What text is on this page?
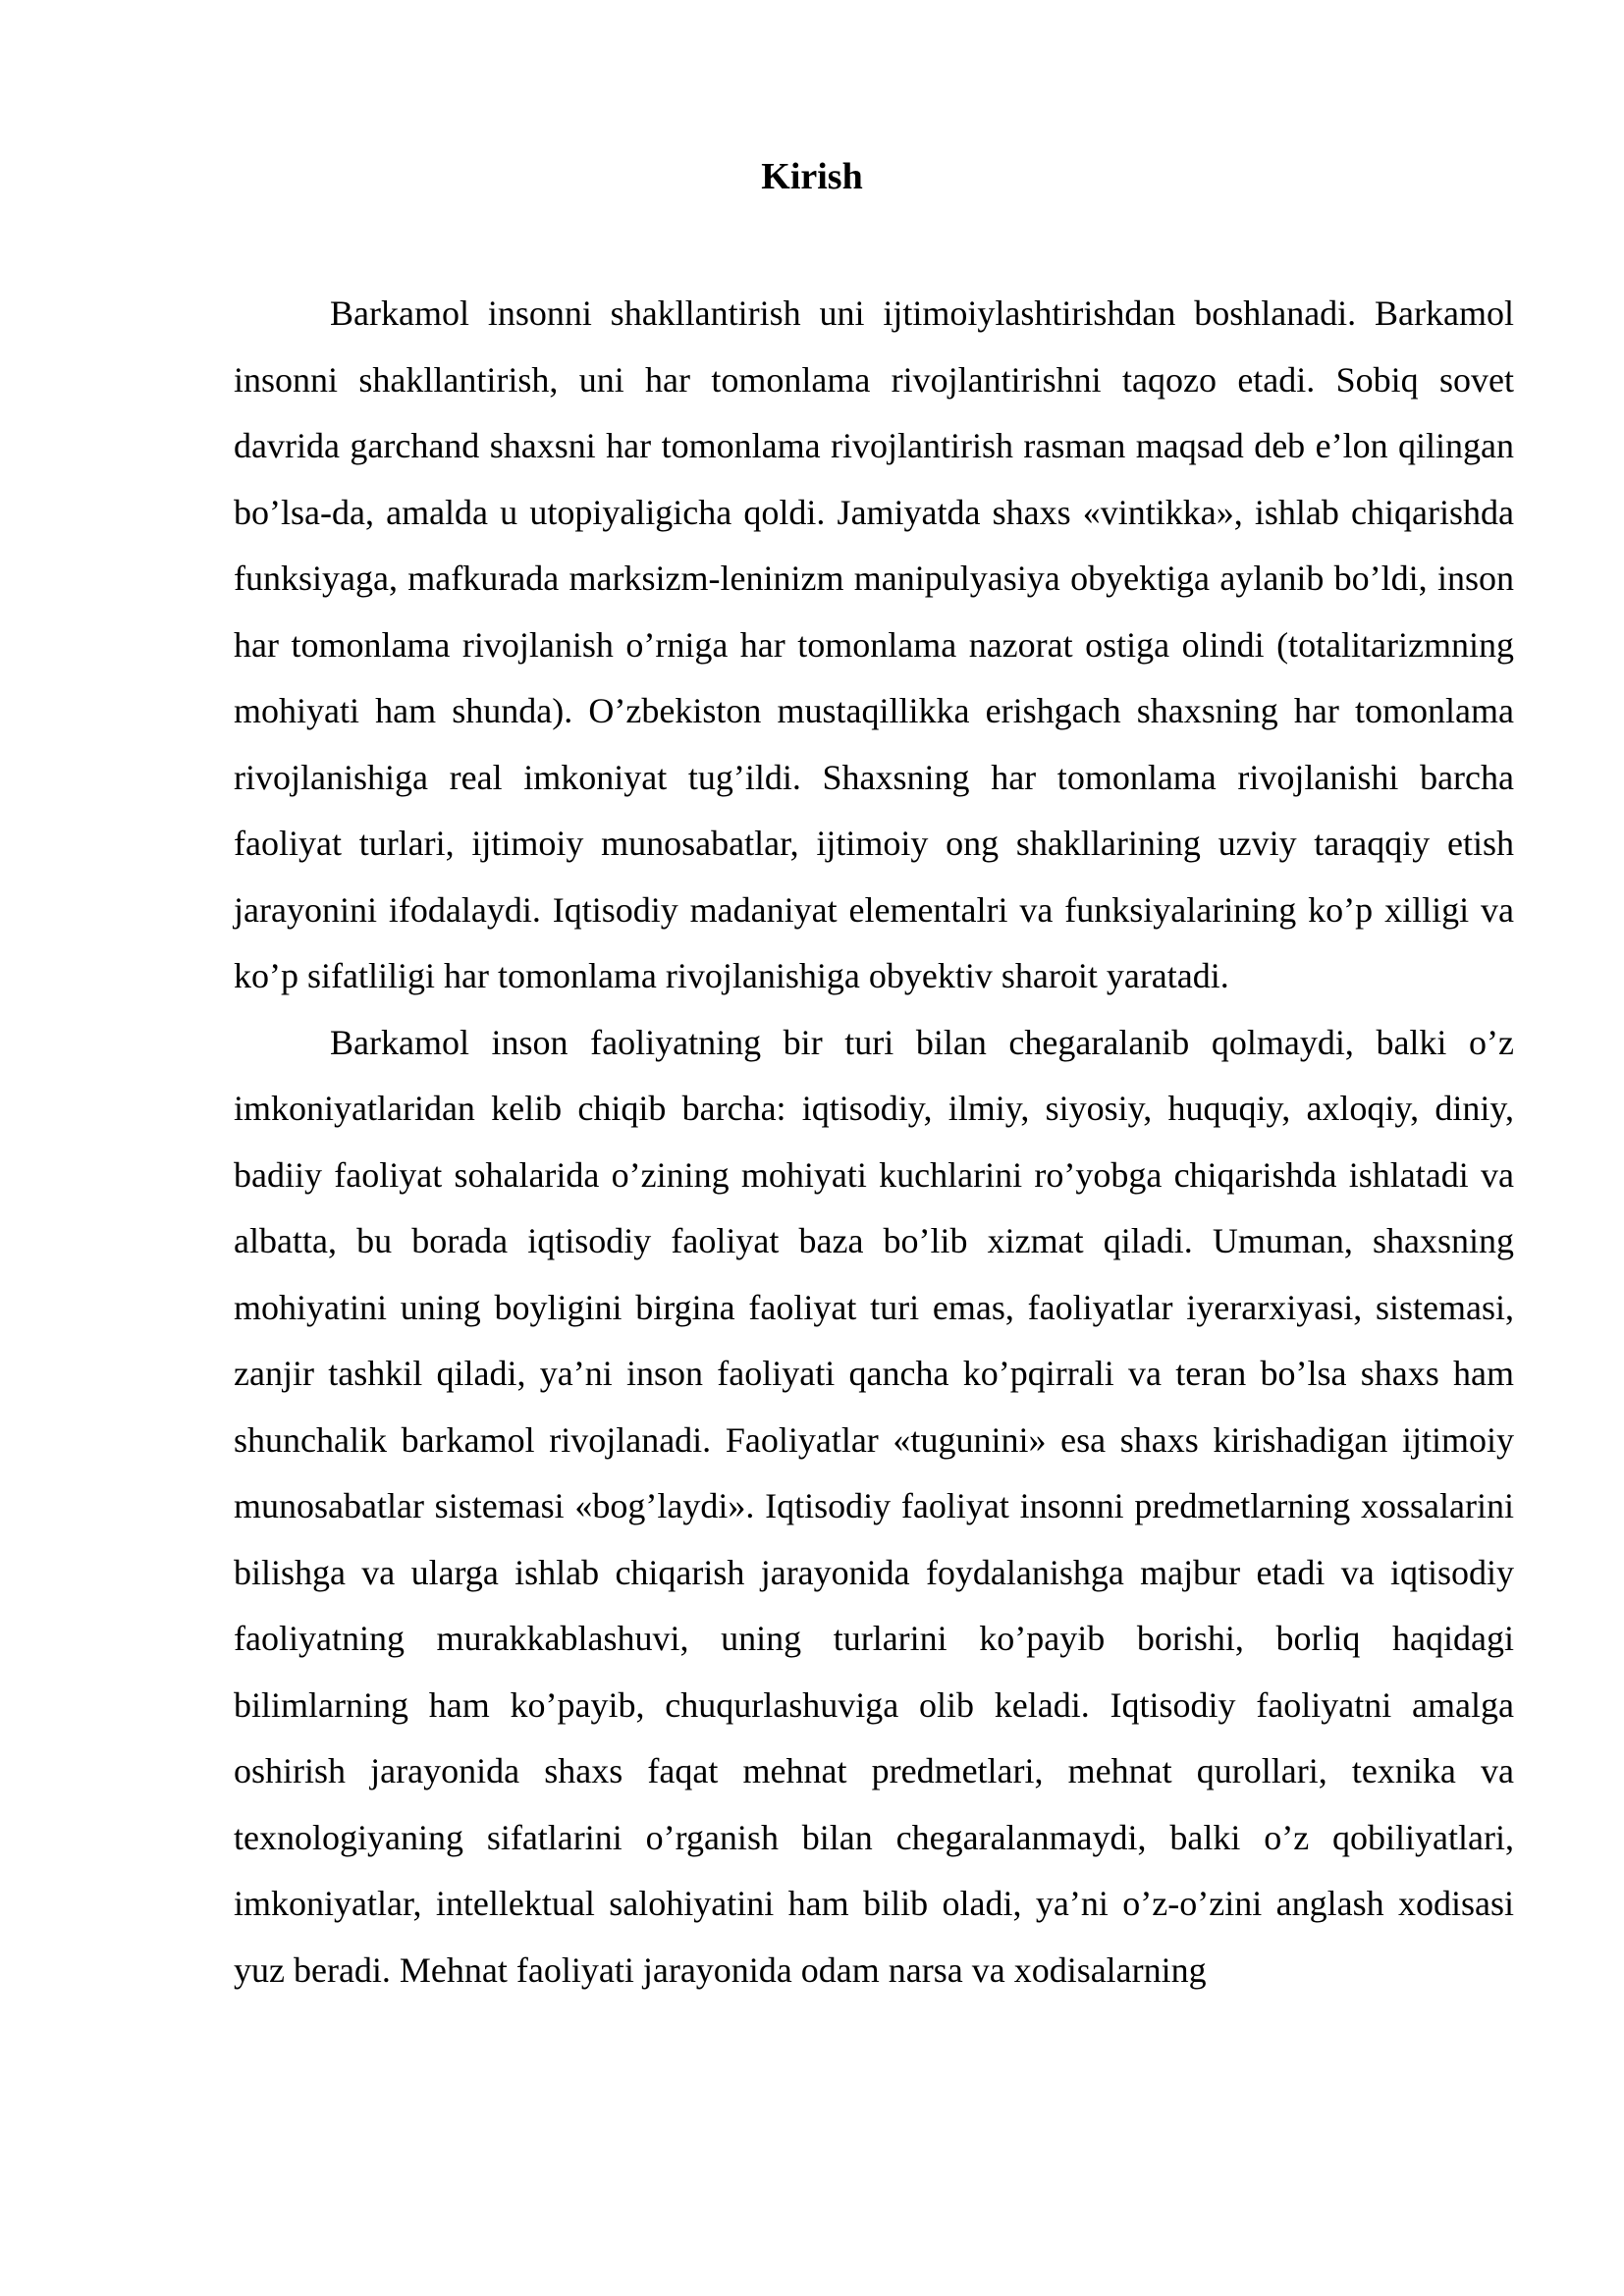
Kirish

Barkamol insonni shakllantirish uni ijtimoiylashtirishdan boshlanadi. Barkamol insonni shakllantirish, uni har tomonlama rivojlantirishni taqozo etadi. Sobiq sovet davrida garchand shaxsni har tomonlama rivojlantirish rasman maqsad deb e’lon qilingan bo’lsa-da, amalda u utopiyaligicha qoldi. Jamiyatda shaxs «vintikka», ishlab chiqarishda funksiyaga, mafkurada marksizm-leninizm manipulyasiya obyektiga aylanib bo’ldi, inson har tomonlama rivojlanish o’rniga har tomonlama nazorat ostiga olindi (totalitarizmning mohiyati ham shunda). O’zbekiston mustaqillikka erishgach shaxsning har tomonlama rivojlanishiga real imkoniyat tug’ildi. Shaxsning har tomonlama rivojlanishi barcha faoliyat turlari, ijtimoiy munosabatlar, ijtimoiy ong shakllarining uzviy taraqqiy etish jarayonini ifodalaydi. Iqtisodiy madaniyat elementalri va funksiyalarining ko’p xilligi va ko’p sifatliligi har tomonlama rivojlanishiga obyektiv sharoit yaratadi.

Barkamol inson faoliyatning bir turi bilan chegaralanib qolmaydi, balki o’z imkoniyatlaridan kelib chiqib barcha: iqtisodiy, ilmiy, siyosiy, huquqiy, axloqiy, diniy, badiiy faoliyat sohalarida o’zining mohiyati kuchlarini ro’yobga chiqarishda ishlatadi va albatta, bu borada iqtisodiy faoliyat baza bo’lib xizmat qiladi. Umuman, shaxsning mohiyatini uning boyligini birgina faoliyat turi emas, faoliyatlar iyerarxiyasi, sistemasi, zanjir tashkil qiladi, ya’ni inson faoliyati qancha ko’pqirrali va teran bo’lsa shaxs ham shunchalik barkamol rivojlanadi. Faoliyatlar «tugunini» esa shaxs kirishadigan ijtimoiy munosabatlar sistemasi «bog’laydi». Iqtisodiy faoliyat insonni predmetlarning xossalarini bilishga va ularga ishlab chiqarish jarayonida foydalanishga majbur etadi va iqtisodiy faoliyatning murakkablashuvi, uning turlarini ko’payib borishi, borliq haqidagi bilimlarning ham ko’payib, chuqurlashuviga olib keladi. Iqtisodiy faoliyatni amalga oshirish jarayonida shaxs faqat mehnat predmetlari, mehnat qurollari, texnika va texnologiyaning sifatlarini o’rganish bilan chegaralanmaydi, balki o’z qobiliyatlari, imkoniyatlar, intellektual salohiyatini ham bilib oladi, ya’ni o’z-o’zini anglash xodisasi yuz beradi. Mehnat faoliyati jarayonida odam narsa va xodisalarning
